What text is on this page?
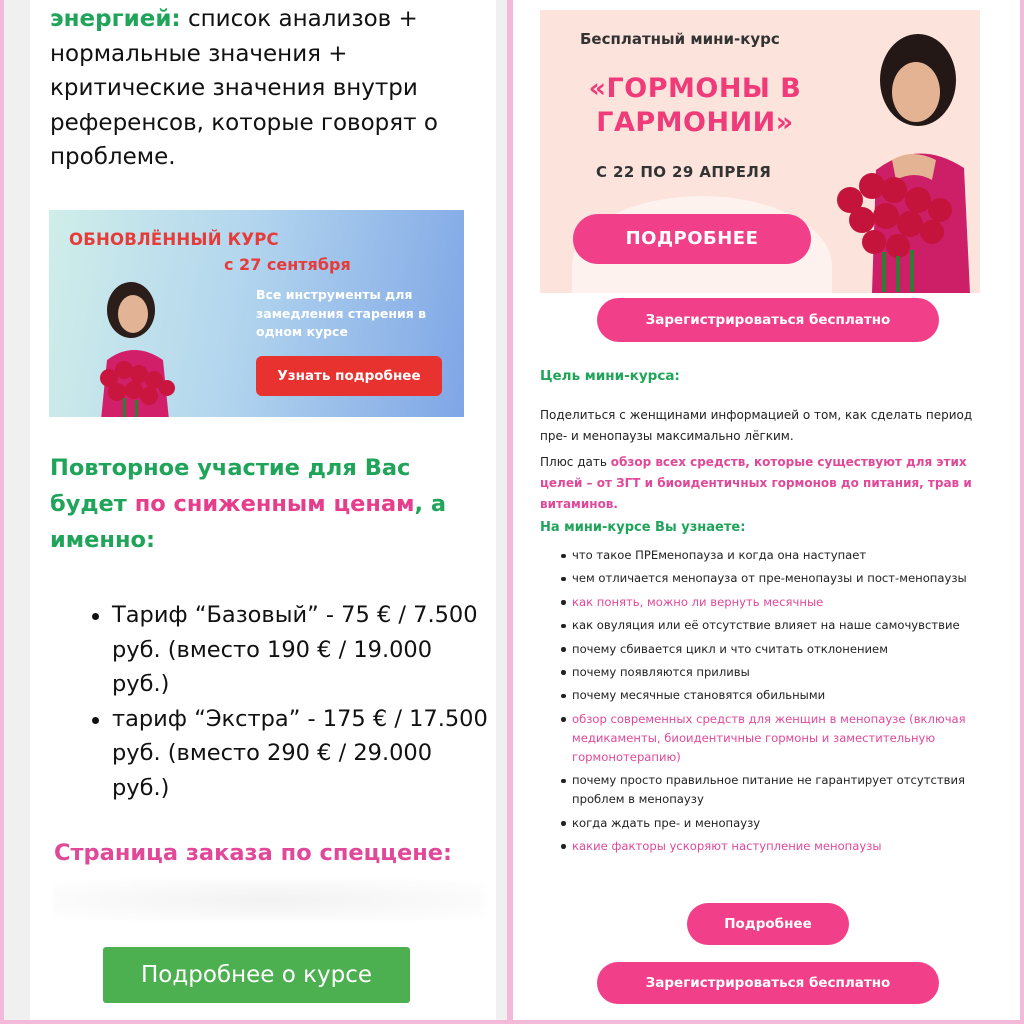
энергией: список анализов + нормальные значения + критические значения внутри референсов, которые говорят о проблеме.

ОБНОВЛЁННЫЙ КУРС
с 27 сентября
Все инструменты для замедления старения в одном курсе
Узнать подробнее

Повторное участие для Вас будет по сниженным ценам, а именно:

Тариф “Базовый” - 75 € / 7.500 руб. (вместо 190 € / 19.000 руб.)
тариф “Экстра” - 175 € / 17.500 руб. (вместо 290 € / 29.000 руб.)

Страница заказа по спеццене:

Подробнее о курсе
Бесплатный мини-курс
«ГОРМОНЫ В ГАРМОНИИ»
С 22 ПО 29 АПРЕЛЯ
ПОДРОБНЕЕ
Зарегистрироваться бесплатно

Цель мини-курса:

Поделиться с женщинами информацией о том, как сделать период пре- и менопаузы максимально лёгким.

Плюс дать обзор всех средств, которые существуют для этих целей – от ЗГТ и биоидентичных гормонов до питания, трав и витаминов.

На мини-курсе Вы узнаете:

что такое ПРЕменопауза и когда она наступает
чем отличается менопауза от пре-менопаузы и пост-менопаузы
как понять, можно ли вернуть месячные
как овуляция или её отсутствие влияет на наше самочувствие
почему сбивается цикл и что считать отклонением
почему появляются приливы
почему месячные становятся обильными
обзор современных средств для женщин в менопаузе (включая медикаменты, биоидентичные гормоны и заместительную гормонотерапию)
почему просто правильное питание не гарантирует отсутствия проблем в менопаузу
когда ждать пре- и менопаузу
какие факторы ускоряют наступление менопаузы
Подробнее
Зарегистрироваться бесплатно
